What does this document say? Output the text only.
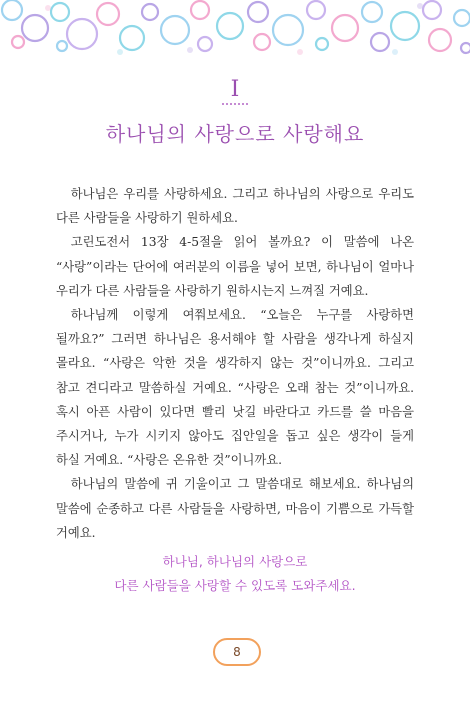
I
하나님의 사랑으로 사랑해요

하나님은 우리를 사랑하세요. 그리고 하나님의 사랑으로 우리도 다른 사람들을 사랑하기 원하세요.

고린도전서 13장 4-5절을 읽어 볼까요? 이 말씀에 나온 “사랑”이라는 단어에 여러분의 이름을 넣어 보면, 하나님이 얼마나 우리가 다른 사람들을 사랑하기 원하시는지 느껴질 거예요.

하나님께 이렇게 여쭤보세요. “오늘은 누구를 사랑하면 될까요?” 그러면 하나님은 용서해야 할 사람을 생각나게 하실지 몰라요. “사랑은 악한 것을 생각하지 않는 것”이니까요. 그리고 참고 견디라고 말씀하실 거예요. “사랑은 오래 참는 것”이니까요. 혹시 아픈 사람이 있다면 빨리 낫길 바란다고 카드를 쓸 마음을 주시거나, 누가 시키지 않아도 집안일을 돕고 싶은 생각이 들게 하실 거예요. “사랑은 온유한 것”이니까요.

하나님의 말씀에 귀 기울이고 그 말씀대로 해보세요. 하나님의 말씀에 순종하고 다른 사람들을 사랑하면, 마음이 기쁨으로 가득할 거예요.

하나님, 하나님의 사랑으로
다른 사람들을 사랑할 수 있도록 도와주세요.
8
